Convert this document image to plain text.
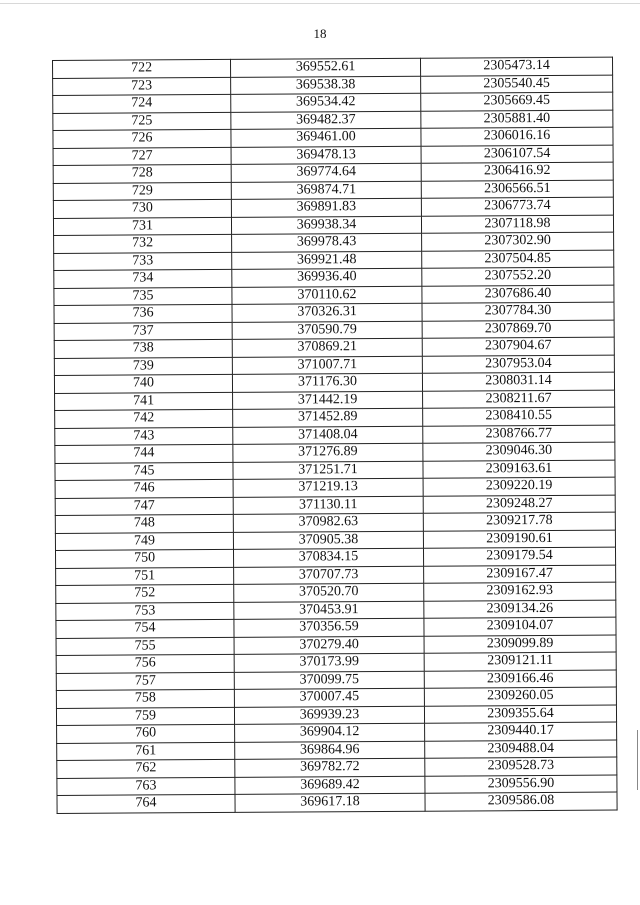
18
722	369552.61	2305473.14
723	369538.38	2305540.45
724	369534.42	2305669.45
725	369482.37	2305881.40
726	369461.00	2306016.16
727	369478.13	2306107.54
728	369774.64	2306416.92
729	369874.71	2306566.51
730	369891.83	2306773.74
731	369938.34	2307118.98
732	369978.43	2307302.90
733	369921.48	2307504.85
734	369936.40	2307552.20
735	370110.62	2307686.40
736	370326.31	2307784.30
737	370590.79	2307869.70
738	370869.21	2307904.67
739	371007.71	2307953.04
740	371176.30	2308031.14
741	371442.19	2308211.67
742	371452.89	2308410.55
743	371408.04	2308766.77
744	371276.89	2309046.30
745	371251.71	2309163.61
746	371219.13	2309220.19
747	371130.11	2309248.27
748	370982.63	2309217.78
749	370905.38	2309190.61
750	370834.15	2309179.54
751	370707.73	2309167.47
752	370520.70	2309162.93
753	370453.91	2309134.26
754	370356.59	2309104.07
755	370279.40	2309099.89
756	370173.99	2309121.11
757	370099.75	2309166.46
758	370007.45	2309260.05
759	369939.23	2309355.64
760	369904.12	2309440.17
761	369864.96	2309488.04
762	369782.72	2309528.73
763	369689.42	2309556.90
764	369617.18	2309586.08
